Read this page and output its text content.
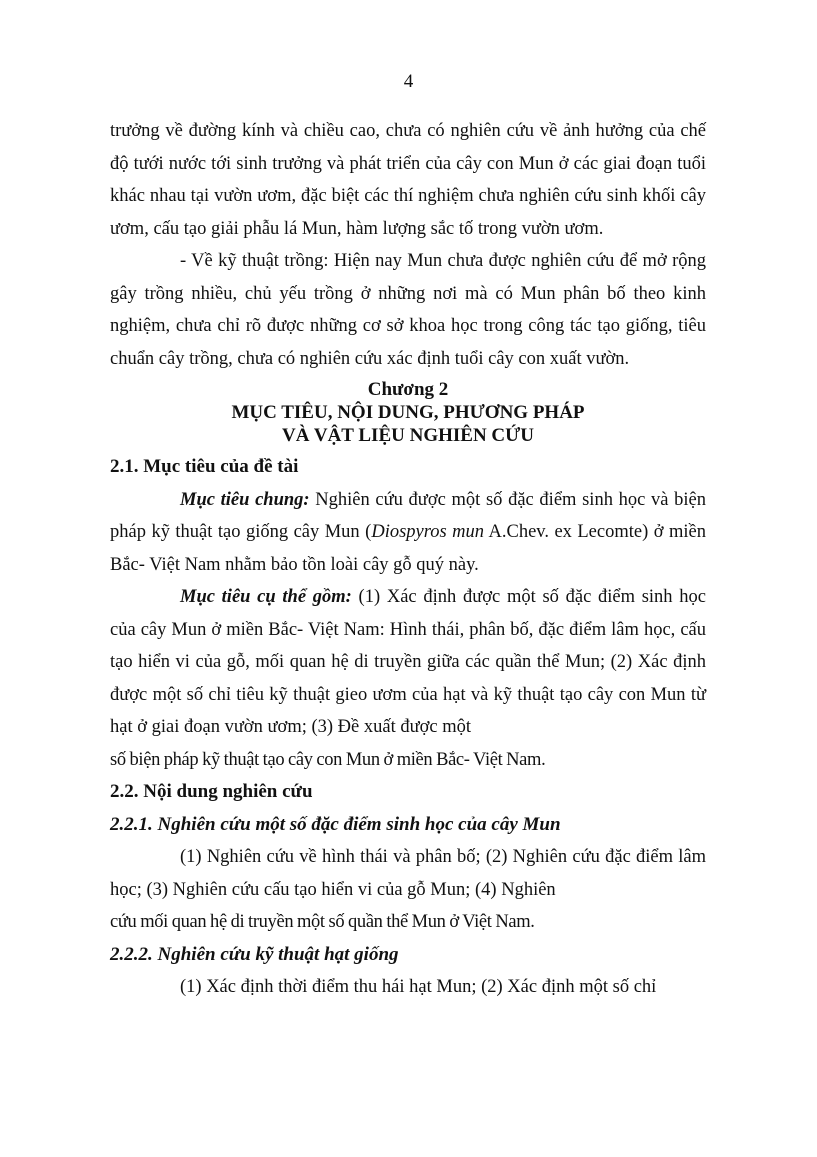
4

trưởng về đường kính và chiều cao, chưa có nghiên cứu về ảnh hưởng của chế độ tưới nước tới sinh trưởng và phát triển của cây con Mun ở các giai đoạn tuổi khác nhau tại vườn ươm, đặc biệt các thí nghiệm chưa nghiên cứu sinh khối cây ươm, cấu tạo giải phẫu lá Mun, hàm lượng sắc tố trong vườn ươm.

- Về kỹ thuật trồng: Hiện nay Mun chưa được nghiên cứu để mở rộng gây trồng nhiều, chủ yếu trồng ở những nơi mà có Mun phân bố theo kinh nghiệm, chưa chỉ rõ được những cơ sở khoa học trong công tác tạo giống, tiêu chuẩn cây trồng, chưa có nghiên cứu xác định tuổi cây con xuất vườn.

Chương 2

MỤC TIÊU, NỘI DUNG, PHƯƠNG PHÁP

VÀ VẬT LIỆU NGHIÊN CỨU

2.1. Mục tiêu của đề tài

Mục tiêu chung: Nghiên cứu được một số đặc điểm sinh học và biện pháp kỹ thuật tạo giống cây Mun (Diospyros mun A.Chev. ex Lecomte) ở miền Bắc- Việt Nam nhằm bảo tồn loài cây gỗ quý này.

Mục tiêu cụ thể gồm: (1) Xác định được một số đặc điểm sinh học của cây Mun ở miền Bắc- Việt Nam: Hình thái, phân bố, đặc điểm lâm học, cấu tạo hiển vi của gỗ, mối quan hệ di truyền giữa các quần thể Mun; (2) Xác định được một số chỉ tiêu kỹ thuật gieo ươm của hạt và kỹ thuật tạo cây con Mun từ hạt ở giai đoạn vườn ươm; (3) Đề xuất được một

số biện pháp kỹ thuật tạo cây con Mun ở miền Bắc- Việt Nam.

2.2. Nội dung nghiên cứu

2.2.1. Nghiên cứu một số đặc điểm sinh học của cây Mun

(1) Nghiên cứu về hình thái và phân bố; (2) Nghiên cứu đặc điểm lâm học; (3) Nghiên cứu cấu tạo hiển vi của gỗ Mun; (4) Nghiên

cứu mối quan hệ di truyền một số quần thể Mun ở Việt Nam.

2.2.2. Nghiên cứu kỹ thuật hạt giống

(1) Xác định thời điểm thu hái hạt Mun; (2) Xác định một số chỉ
